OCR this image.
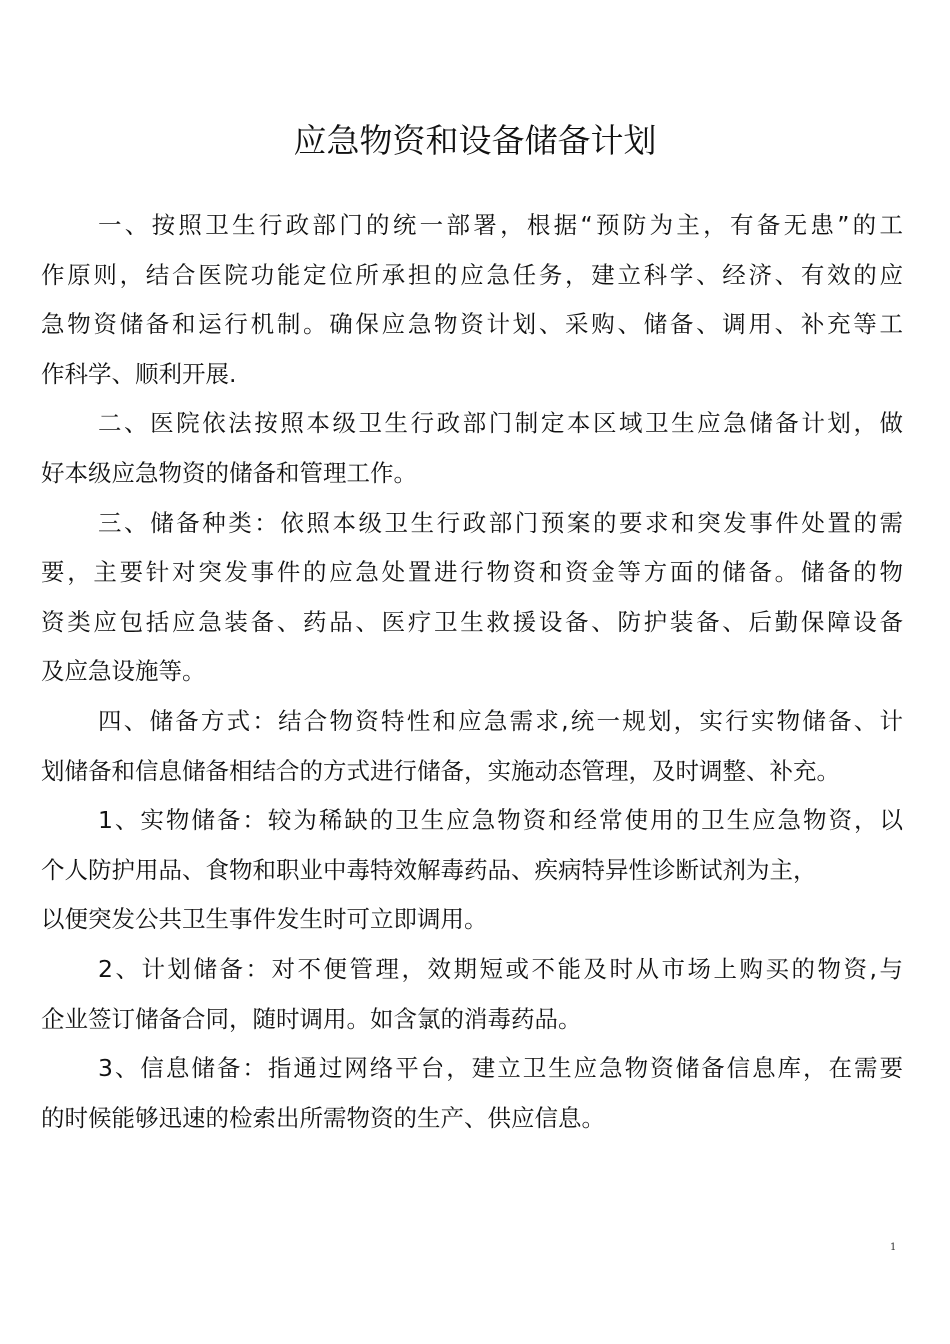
应急物资和设备储备计划
一、按照卫生行政部门的统一部署，根据“预防为主，有备无患”的工
作原则，结合医院功能定位所承担的应急任务，建立科学、经济、有效的应
急物资储备和运行机制。确保应急物资计划、采购、储备、调用、补充等工
作科学、顺利开展.
二、医院依法按照本级卫生行政部门制定本区域卫生应急储备计划，做
好本级应急物资的储备和管理工作。
三、储备种类：依照本级卫生行政部门预案的要求和突发事件处置的需
要，主要针对突发事件的应急处置进行物资和资金等方面的储备。储备的物
资类应包括应急装备、药品、医疗卫生救援设备、防护装备、后勤保障设备
及应急设施等。
四、储备方式：结合物资特性和应急需求,统一规划，实行实物储备、计
划储备和信息储备相结合的方式进行储备，实施动态管理，及时调整、补充。
1、实物储备：较为稀缺的卫生应急物资和经常使用的卫生应急物资，以
个人防护用品、食物和职业中毒特效解毒药品、疾病特异性诊断试剂为主，
以便突发公共卫生事件发生时可立即调用。
2、计划储备：对不便管理，效期短或不能及时从市场上购买的物资,与
企业签订储备合同，随时调用。如含氯的消毒药品。
3、信息储备：指通过网络平台，建立卫生应急物资储备信息库，在需要
的时候能够迅速的检索出所需物资的生产、供应信息。
1
